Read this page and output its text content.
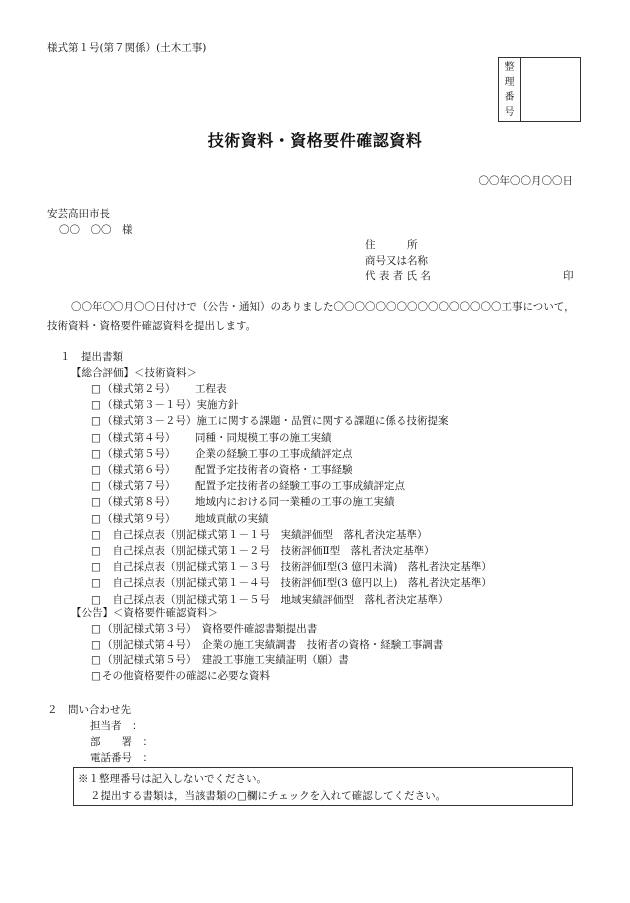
様式第１号(第７関係）(土木工事)
整
理
番
号
技術資料・資格要件確認資料
〇〇年〇〇月〇〇日
安芸高田市長
〇〇　〇〇　様
住　　　所
商号又は名称
代 表 者 氏 名	印
〇〇年〇〇月〇〇日付けで（公告・通知）のありました〇〇〇〇〇〇〇〇〇〇〇〇〇〇〇〇工事について，
技術資料・資格要件確認資料を提出します。
１　提出書類
【総合評価】＜技術資料＞
□（様式第２号） 工程表
□（様式第３－１号）実施方針
□（様式第３－２号）施工に関する課題・品質に関する課題に係る技術提案
□（様式第４号） 同種・同規模工事の施工実績
□（様式第５号） 企業の経験工事の工事成績評定点
□（様式第６号） 配置予定技術者の資格・工事経験
□（様式第７号） 配置予定技術者の経験工事の工事成績評定点
□（様式第８号） 地域内における同一業種の工事の施工実績
□（様式第９号） 地域貢献の実績
□　自己採点表（別記様式第１－１号　実績評価型　落札者決定基準）
□　自己採点表（別記様式第１－２号　技術評価Ⅱ型　落札者決定基準）
□　自己採点表（別記様式第１－３号　技術評価Ⅰ型(3 億円未満)　落札者決定基準）
□　自己採点表（別記様式第１－４号　技術評価Ⅰ型(3 億円以上)　落札者決定基準）
□　自己採点表（別記様式第１－５号　地域実績評価型　落札者決定基準）
【公告】＜資格要件確認資料＞
□（別記様式第３号）　資格要件確認書類提出書
□（別記様式第４号）　企業の施工実績調書　技術者の資格・経験工事調書
□（別記様式第５号）　建設工事施工実績証明（願）書
□その他資格要件の確認に必要な資料
２　問い合わせ先
担当者　：
部　　署　：
電話番号　：
※１整理番号は記入しないでください。
２提出する書類は，当該書類の□欄にチェックを入れて確認してください。
